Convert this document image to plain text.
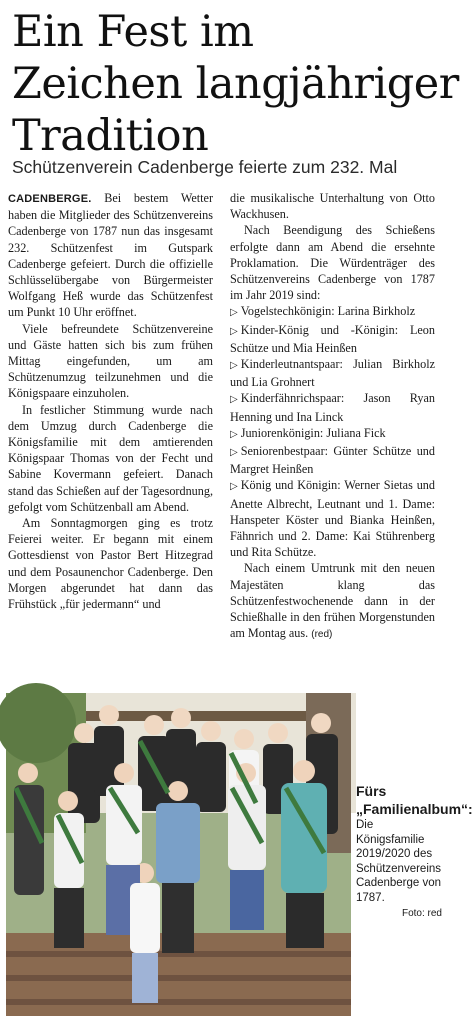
Ein Fest im
Zeichen langjähriger
Tradition
Schützenverein Cadenberge feierte zum 232. Mal

CADENBERGE. Bei bestem Wetter haben die Mitglieder des Schützenvereins Cadenberge von 1787 nun das insgesamt 232. Schützenfest im Gutspark Cadenberge gefeiert. Durch die offizielle Schlüsselübergabe von Bürgermeister Wolfgang Heß wurde das Schützenfest um Punkt 10 Uhr eröffnet.

Viele befreundete Schützenvereine und Gäste hatten sich bis zum frühen Mittag eingefunden, um am Schützenumzug teilzunehmen und die Königspaare einzuholen.

In festlicher Stimmung wurde nach dem Umzug durch Cadenberge die Königsfamilie mit dem amtierenden Königspaar Thomas von der Fecht und Sabine Kovermann gefeiert. Danach stand das Schießen auf der Tagesordnung, gefolgt vom Schützenball am Abend.

Am Sonntagmorgen ging es trotz Feierei weiter. Er begann mit einem Gottesdienst von Pastor Bert Hitzegrad und dem Posaunenchor Cadenberge. Den Morgen abgerundet hat dann das Frühstück „für jedermann“ und

die musikalische Unterhaltung von Otto Wackhusen.

Nach Beendigung des Schießens erfolgte dann am Abend die ersehnte Proklamation. Die Würdenträger des Schützenvereins Cadenberge von 1787 im Jahr 2019 sind:

▷ Vogelstechkönigin: Larina Birkholz

▷ Kinder-König und -Königin: Leon Schütze und Mia Heinßen

▷ Kinderleutnantspaar: Julian Birkholz und Lia Grohnert

▷ Kinderfähnrichspaar: Jason Ryan Henning und Ina Linck

▷ Juniorenkönigin: Juliana Fick

▷ Seniorenbestpaar: Günter Schütze und Margret Heinßen

▷ König und Königin: Werner Sietas und Anette Albrecht, Leutnant und 1. Dame: Hanspeter Köster und Bianka Heinßen, Fähnrich und 2. Dame: Kai Stührenberg und Rita Schütze.

Nach einem Umtrunk mit den neuen Majestäten klang das Schützenfestwochenende dann in der Schießhalle in den frühen Morgenstunden am Montag aus. (red)

Fürs „Familienalbum“: Die Königsfamilie 2019/2020 des Schützenvereins Cadenberge von 1787.
Foto: red
